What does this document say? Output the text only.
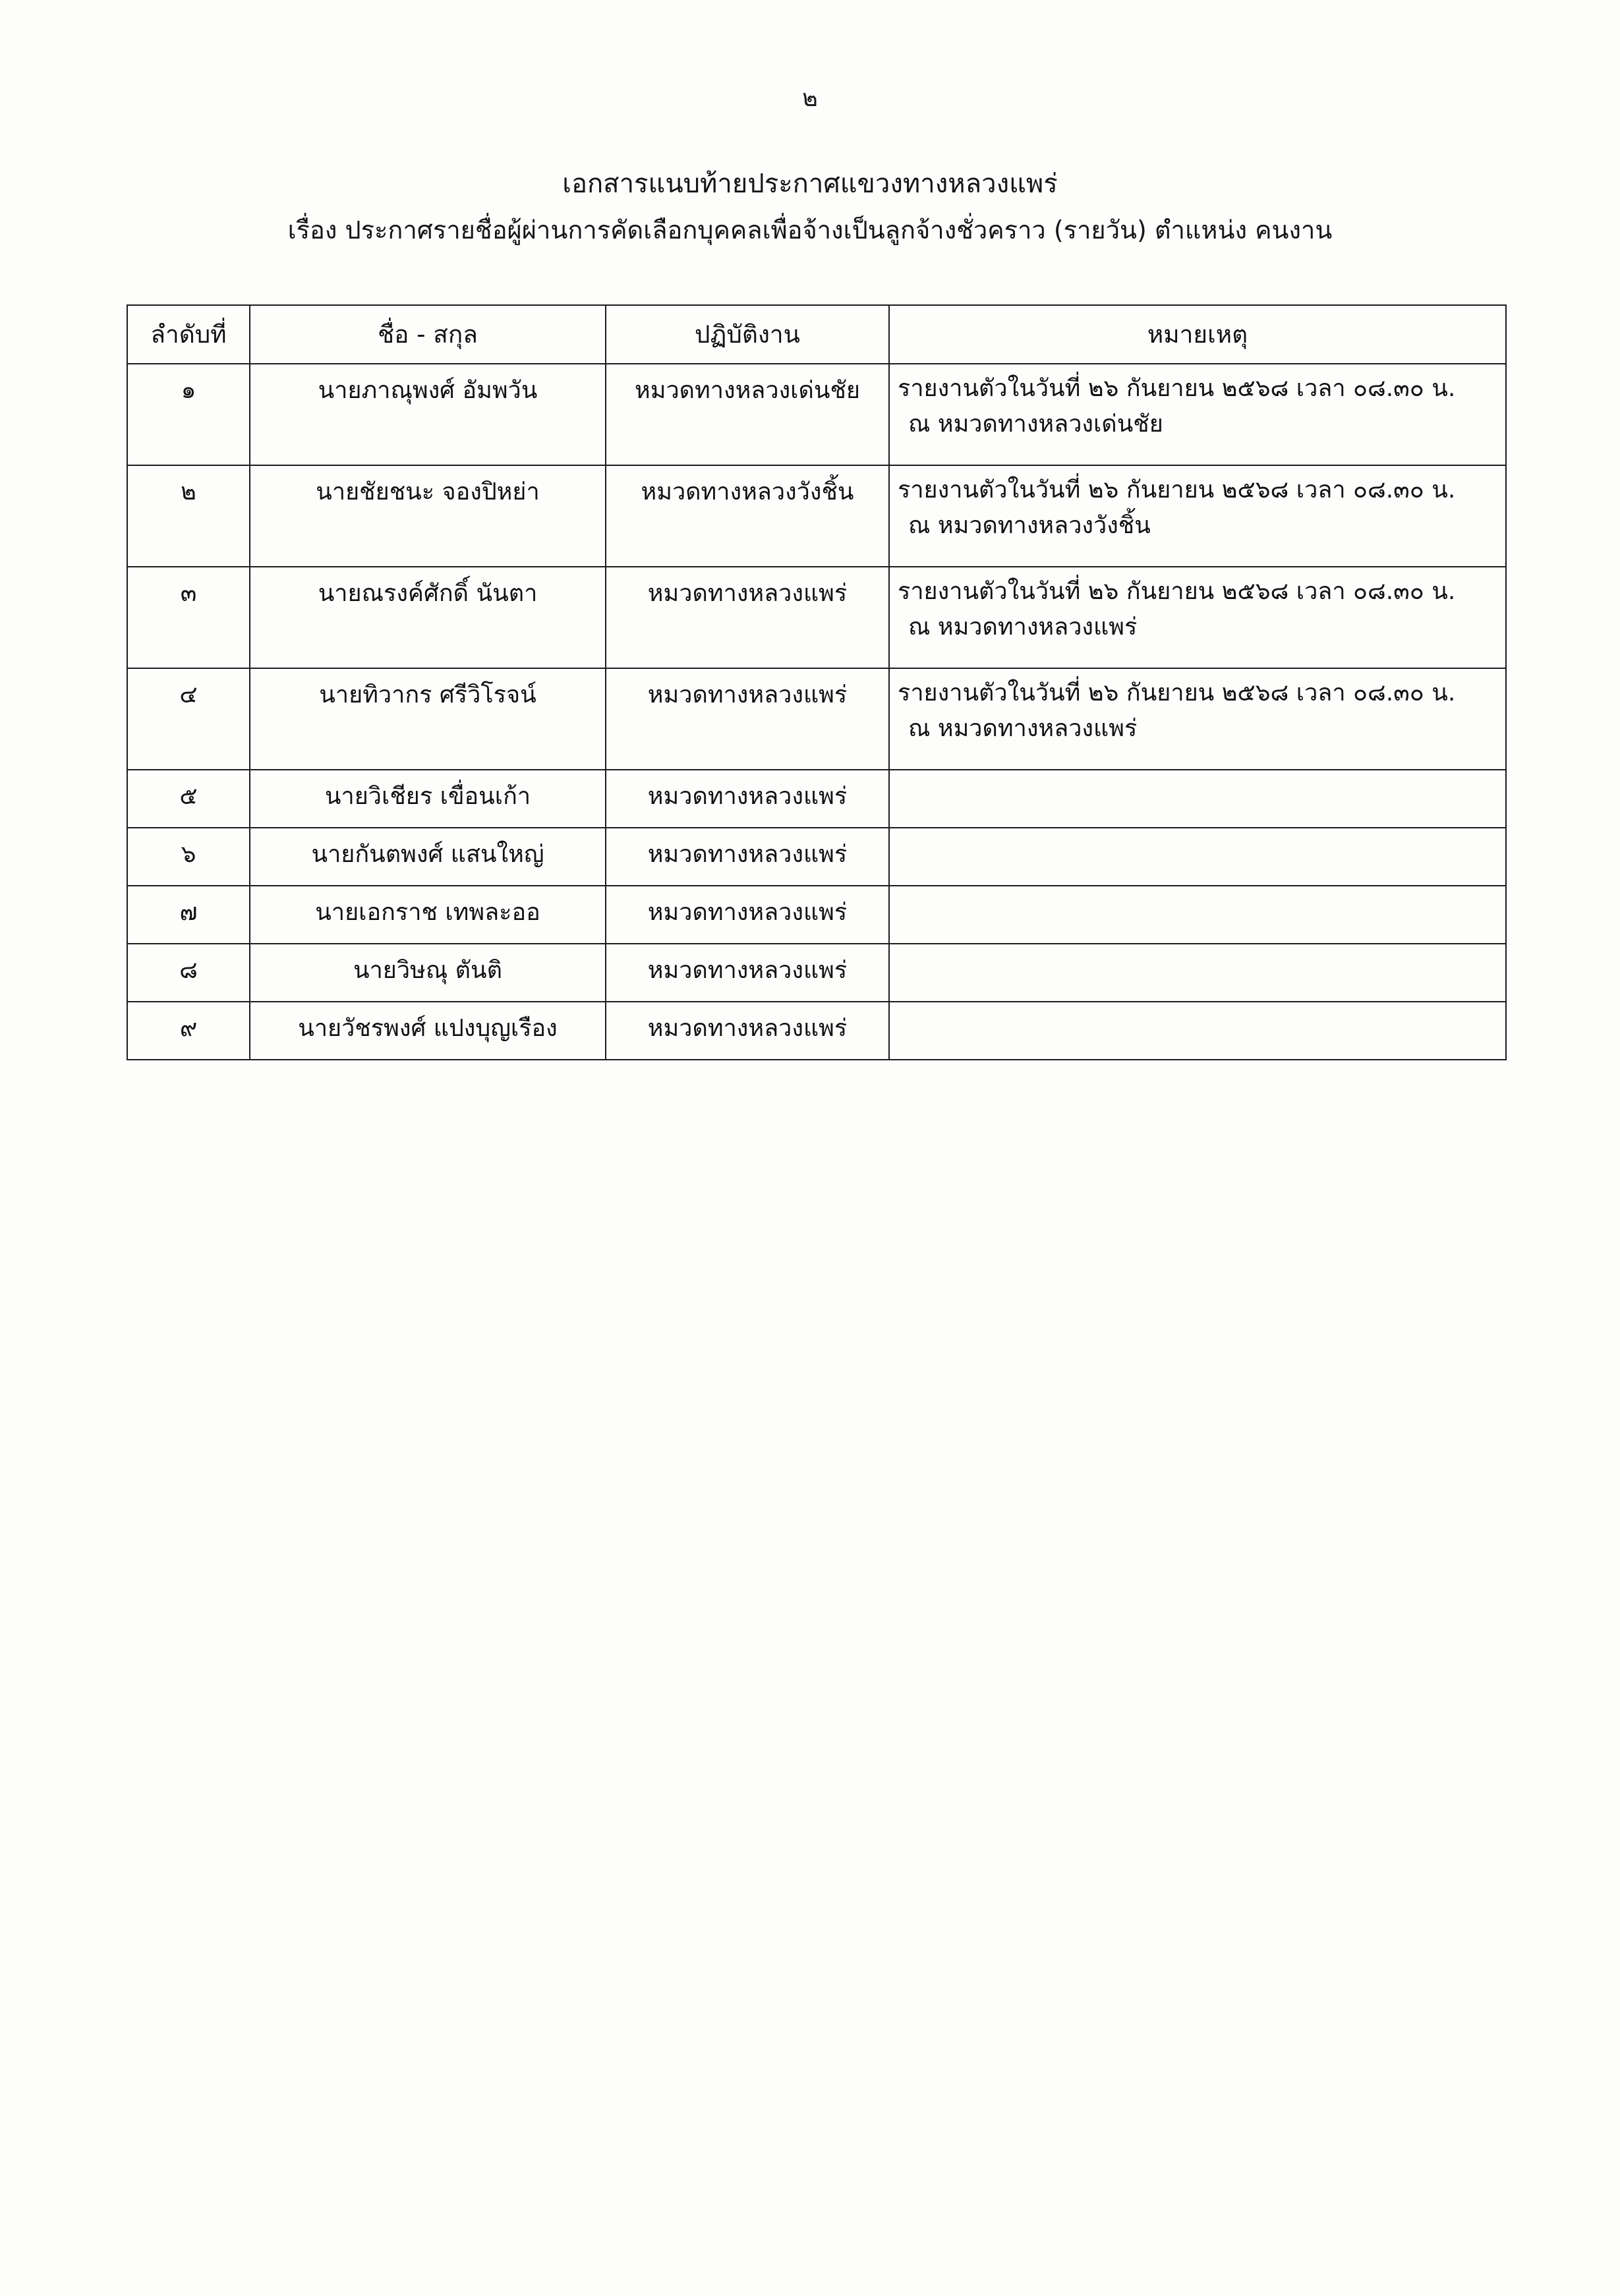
๒
เอกสารแนบท้ายประกาศแขวงทางหลวงแพร่
เรื่อง ประกาศรายชื่อผู้ผ่านการคัดเลือกบุคคลเพื่อจ้างเป็นลูกจ้างชั่วคราว (รายวัน) ตำแหน่ง คนงาน
ลำดับที่	ชื่อ - สกุล	ปฏิบัติงาน	หมายเหตุ
๑	นายภาณุพงศ์ อัมพวัน	หมวดทางหลวงเด่นชัย	รายงานตัวในวันที่ ๒๖ กันยายน ๒๕๖๘ เวลา ๐๘.๓๐ น.
ณ หมวดทางหลวงเด่นชัย

๒	นายชัยชนะ จองปิหย่า	หมวดทางหลวงวังชิ้น	รายงานตัวในวันที่ ๒๖ กันยายน ๒๕๖๘ เวลา ๐๘.๓๐ น.
ณ หมวดทางหลวงวังชิ้น

๓	นายณรงค์ศักดิ์ นันตา	หมวดทางหลวงแพร่	รายงานตัวในวันที่ ๒๖ กันยายน ๒๕๖๘ เวลา ๐๘.๓๐ น.
ณ หมวดทางหลวงแพร่

๔	นายทิวากร ศรีวิโรจน์	หมวดทางหลวงแพร่	รายงานตัวในวันที่ ๒๖ กันยายน ๒๕๖๘ เวลา ๐๘.๓๐ น.
ณ หมวดทางหลวงแพร่

๕	นายวิเชียร เขื่อนเก้า	หมวดทางหลวงแพร่	
๖	นายกันตพงศ์ แสนใหญ่	หมวดทางหลวงแพร่	
๗	นายเอกราช เทพละออ	หมวดทางหลวงแพร่	
๘	นายวิษณุ ตันติ	หมวดทางหลวงแพร่	
๙	นายวัชรพงศ์ แปงบุญเรือง	หมวดทางหลวงแพร่	
